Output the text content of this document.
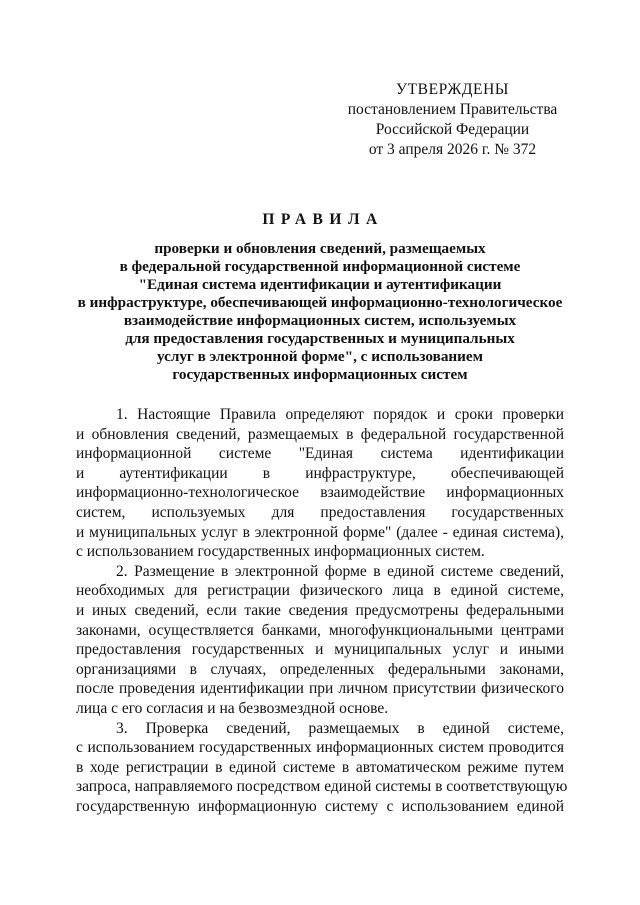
УТВЕРЖДЕНЫ
постановлением Правительства
Российской Федерации
от 3 апреля 2026 г. № 372
ПРАВИЛА
проверки и обновления сведений, размещаемых
в федеральной государственной информационной системе
"Единая система идентификации и аутентификации
в инфраструктуре, обеспечивающей информационно-технологическое
взаимодействие информационных систем, используемых
для предоставления государственных и муниципальных
услуг в электронной форме", с использованием
государственных информационных систем
1. Настоящие Правила определяют порядок и сроки проверки
и обновления сведений, размещаемых в федеральной государственной
информационной системе "Единая система идентификации
и аутентификации в инфраструктуре, обеспечивающей
информационно-технологическое взаимодействие информационных
систем, используемых для предоставления государственных
и муниципальных услуг в электронной форме" (далее - единая система),
с использованием государственных информационных систем.
2. Размещение в электронной форме в единой системе сведений,
необходимых для регистрации физического лица в единой системе,
и иных сведений, если такие сведения предусмотрены федеральными
законами, осуществляется банками, многофункциональными центрами
предоставления государственных и муниципальных услуг и иными
организациями в случаях, определенных федеральными законами,
после проведения идентификации при личном присутствии физического
лица с его согласия и на безвозмездной основе.
3. Проверка сведений, размещаемых в единой системе,
с использованием государственных информационных систем проводится
в ходе регистрации в единой системе в автоматическом режиме путем
запроса, направляемого посредством единой системы в соответствующую
государственную информационную систему с использованием единой
